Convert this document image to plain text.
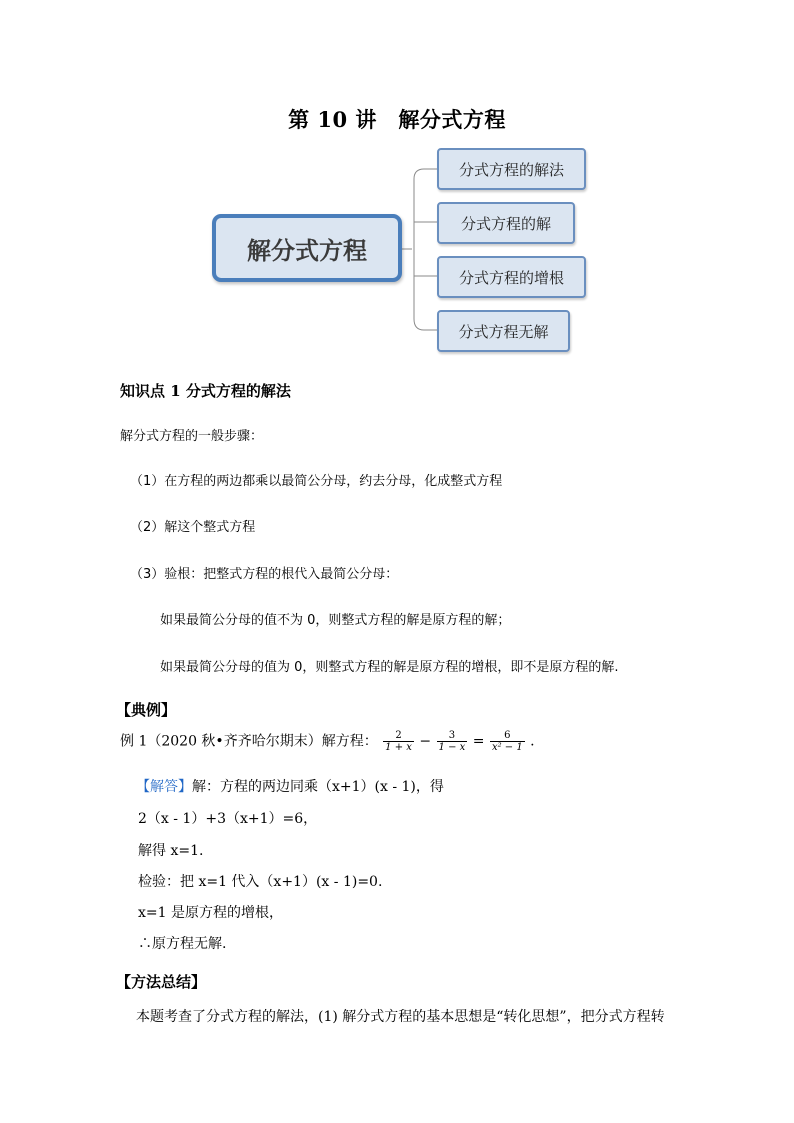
第 10 讲　解分式方程
解分式方程
分式方程的解法
分式方程的解
分式方程的增根
分式方程无解
知识点 1 分式方程的解法
解分式方程的一般步骤：
（1）在方程的两边都乘以最简公分母，约去分母，化成整式方程
（2）解这个整式方程
（3）验根：把整式方程的根代入最简公分母：
如果最简公分母的值不为 0，则整式方程的解是原方程的解；
如果最简公分母的值为 0，则整式方程的解是原方程的增根，即不是原方程的解.
【典例】
例 1（2020 秋•齐齐哈尔期末）解方程： $\frac{2}{1 + x} - \frac{3}{1 - x} = \frac{6}{\text{x² − 1}}$ .
【解答】解：方程的两边同乘（x+1）(x - 1)，得
2（x - 1）+3（x+1）=6，
解得 x=1.
检验：把 x=1 代入（x+1）(x - 1)=0.
x=1 是原方程的增根，
∴原方程无解.
【方法总结】
本题考查了分式方程的解法，(1) 解分式方程的基本思想是“转化思想”，把分式方程转
